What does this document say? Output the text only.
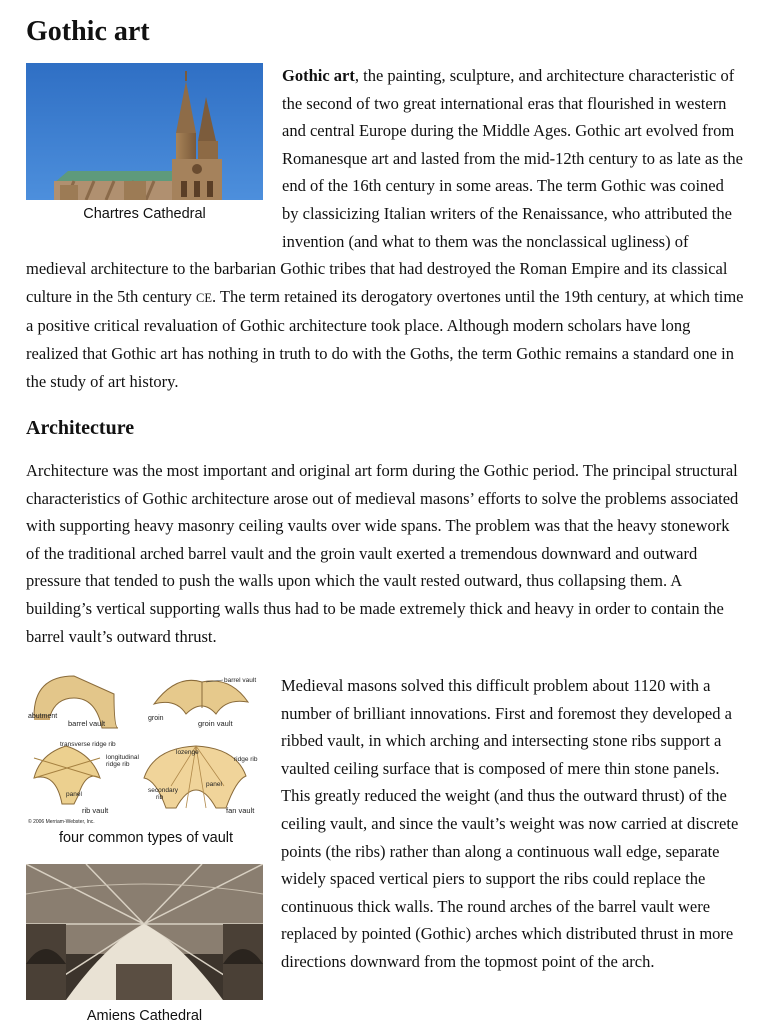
Gothic art
Chartres Cathedral

Gothic art, the painting, sculpture, and architecture characteristic of the second of two great international eras that flourished in western and central Europe during the Middle Ages. Gothic art evolved from Romanesque art and lasted from the mid-12th century to as late as the end of the 16th century in some areas. The term Gothic was coined by classicizing Italian writers of the Renaissance, who attributed the invention (and what to them was the nonclassical ugliness) of medieval architecture to the barbarian Gothic tribes that had destroyed the Roman Empire and its classical culture in the 5th century CE. The term retained its derogatory overtones until the 19th century, at which time a positive critical revaluation of Gothic architecture took place. Although modern scholars have long realized that Gothic art has nothing in truth to do with the Goths, the term Gothic remains a standard one in the study of art history.

Architecture

Architecture was the most important and original art form during the Gothic period. The principal structural characteristics of Gothic architecture arose out of medieval masons’ efforts to solve the problems associated with supporting heavy masonry ceiling vaults over wide spans. The problem was that the heavy stonework of the traditional arched barrel vault and the groin vault exerted a tremendous downward and outward pressure that tended to push the walls upon which the vault rested outward, thus collapsing them. A building’s vertical supporting walls thus had to be made extremely thick and heavy in order to contain the barrel vault’s outward thrust.

abutment
barrel vault
barrel vault
groin
groin vault
transverse ridge rib
longitudinal
ridge rib
panel
rib vault
© 2006 Merriam-Webster, Inc.
lozenge
ridge rib
secondary
rib
panel
fan vault
four common types of vault
Amiens Cathedral

Medieval masons solved this difficult problem about 1120 with a number of brilliant innovations. First and foremost they developed a ribbed vault, in which arching and intersecting stone ribs support a vaulted ceiling surface that is composed of mere thin stone panels. This greatly reduced the weight (and thus the outward thrust) of the ceiling vault, and since the vault’s weight was now carried at discrete points (the ribs) rather than along a continuous wall edge, separate widely spaced vertical piers to support the ribs could replace the continuous thick walls. The round arches of the barrel vault were replaced by pointed (Gothic) arches which distributed thrust in more directions downward from the topmost point of the arch.
